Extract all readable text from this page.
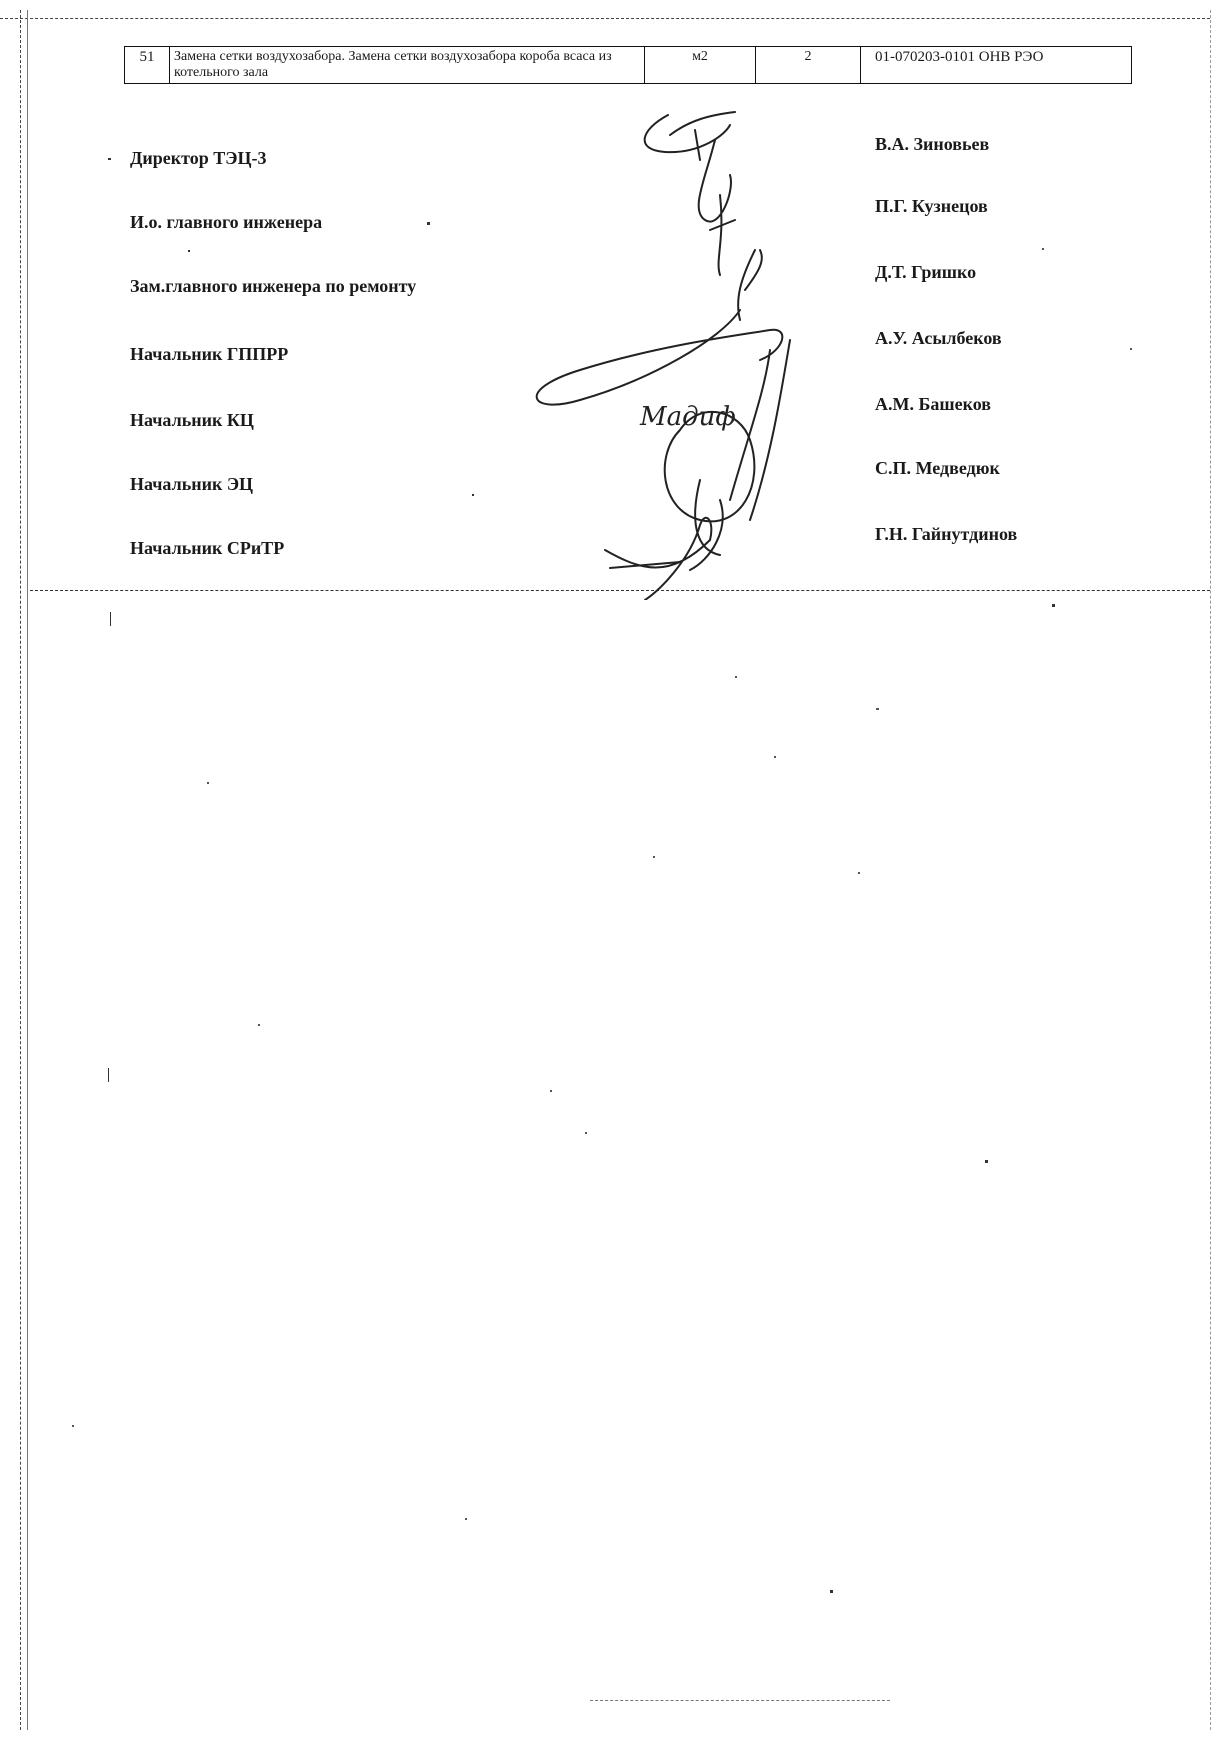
51	Замена сетки воздухозабора. Замена сетки воздухозабора короба всаса из котельного зала	м2	2	01-070203-0101 ОНВ РЭО
Директор ТЭЦ-3
В.А. Зиновьев
И.о. главного инженера
П.Г. Кузнецов
Зам.главного инженера по ремонту
Д.Т. Гришко
Начальник ГППРР
А.У. Асылбеков
Начальник КЦ
А.М. Башеков
Начальник ЭЦ
С.П. Медведюк
Начальник СРиТР
Г.Н. Гайнутдинов
Мадиф
